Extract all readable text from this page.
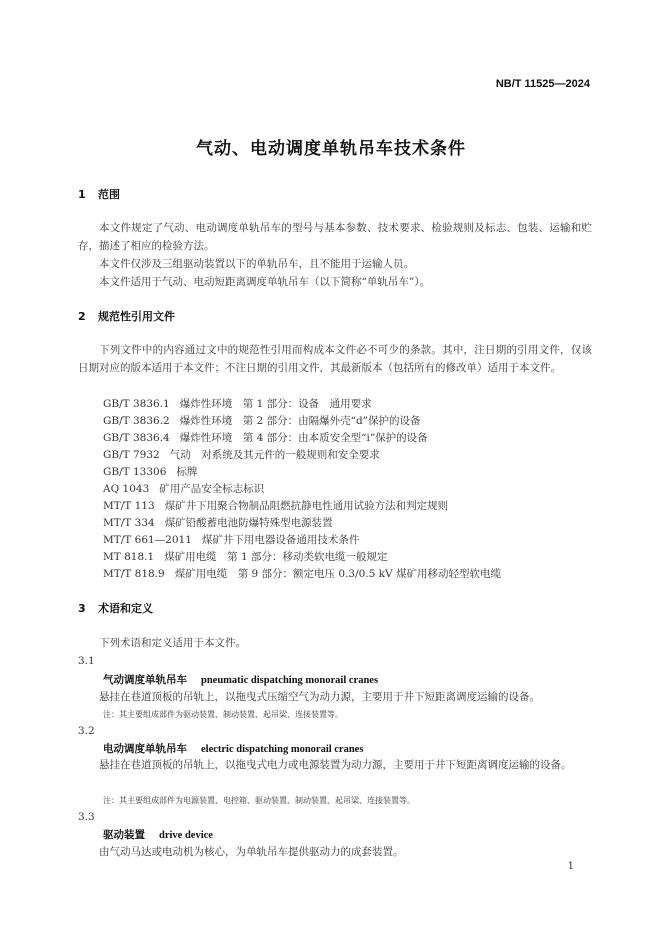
NB/T 11525—2024
气动、电动调度单轨吊车技术条件
1 范围
本文件规定了气动、电动调度单轨吊车的型号与基本参数、技术要求、检验规则及标志、包装、运输和贮存，描述了相应的检验方法。
本文件仅涉及三组驱动装置以下的单轨吊车，且不能用于运输人员。
本文件适用于气动、电动短距离调度单轨吊车（以下简称“单轨吊车”）。
2 规范性引用文件
下列文件中的内容通过文中的规范性引用而构成本文件必不可少的条款。其中，注日期的引用文件，仅该日期对应的版本适用于本文件；不注日期的引用文件，其最新版本（包括所有的修改单）适用于本文件。
GB/T 3836.1 爆炸性环境　第 1 部分：设备　通用要求
GB/T 3836.2 爆炸性环境　第 2 部分：由隔爆外壳“d”保护的设备
GB/T 3836.4 爆炸性环境　第 4 部分：由本质安全型“i”保护的设备
GB/T 7932 气动　对系统及其元件的一般规则和安全要求
GB/T 13306 标牌
AQ 1043 矿用产品安全标志标识
MT/T 113 煤矿井下用聚合物制品阻燃抗静电性通用试验方法和判定规则
MT/T 334 煤矿铅酸蓄电池防爆特殊型电源装置
MT/T 661—2011 煤矿井下用电器设备通用技术条件
MT 818.1 煤矿用电缆　第 1 部分：移动类软电缆一般规定
MT/T 818.9 煤矿用电缆　第 9 部分：额定电压 0.3/0.5 kV 煤矿用移动轻型软电缆
3 术语和定义
下列术语和定义适用于本文件。
3.1
气动调度单轨吊车 pneumatic dispatching monorail cranes
悬挂在巷道顶板的吊轨上，以拖曳式压缩空气为动力源，主要用于井下短距离调度运输的设备。
注：其主要组成部件为驱动装置、制动装置、起吊梁、连接装置等。
3.2
电动调度单轨吊车 electric dispatching monorail cranes
悬挂在巷道顶板的吊轨上，以拖曳式电力或电源装置为动力源，主要用于井下短距离调度运输的设备。
注：其主要组成部件为电源装置、电控箱、驱动装置、制动装置、起吊梁、连接装置等。
3.3
驱动装置 drive device
由气动马达或电动机为核心，为单轨吊车提供驱动力的成套装置。
1
